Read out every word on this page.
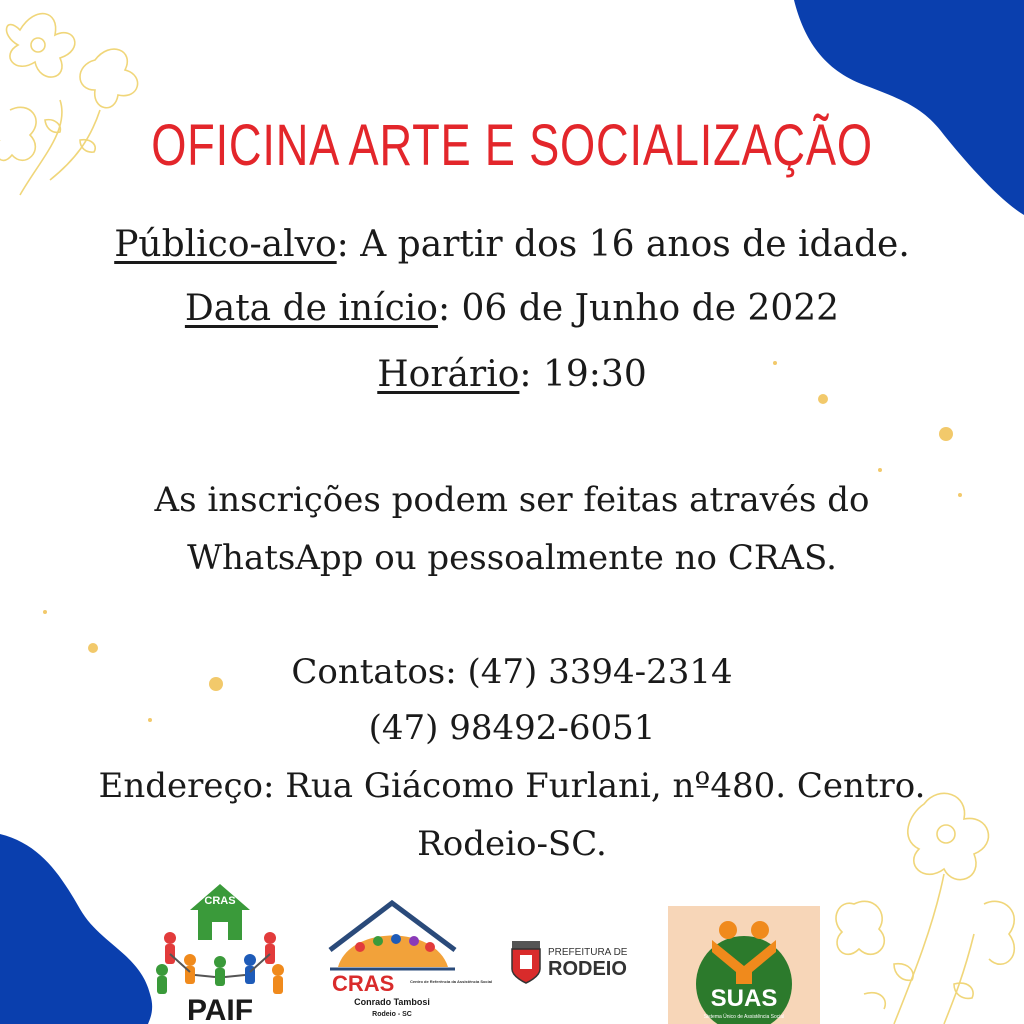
OFICINA ARTE E SOCIALIZAÇÃO
Público-alvo: A partir dos 16 anos de idade.
Data de início: 06 de Junho de 2022
Horário: 19:30
As inscrições podem ser feitas através do
WhatsApp ou pessoalmente no CRAS.
Contatos: (47) 3394-2314
(47) 98492-6051
Endereço: Rua Giácomo Furlani, nº480. Centro.
Rodeio-SC.
CRAS
PAIF
CRAS	Centro de Referência da Assistência Social
Conrado Tambosi
Rodeio - SC
PREFEITURA DE
RODEIO
SUAS
Sistema Único de Assistência Social
